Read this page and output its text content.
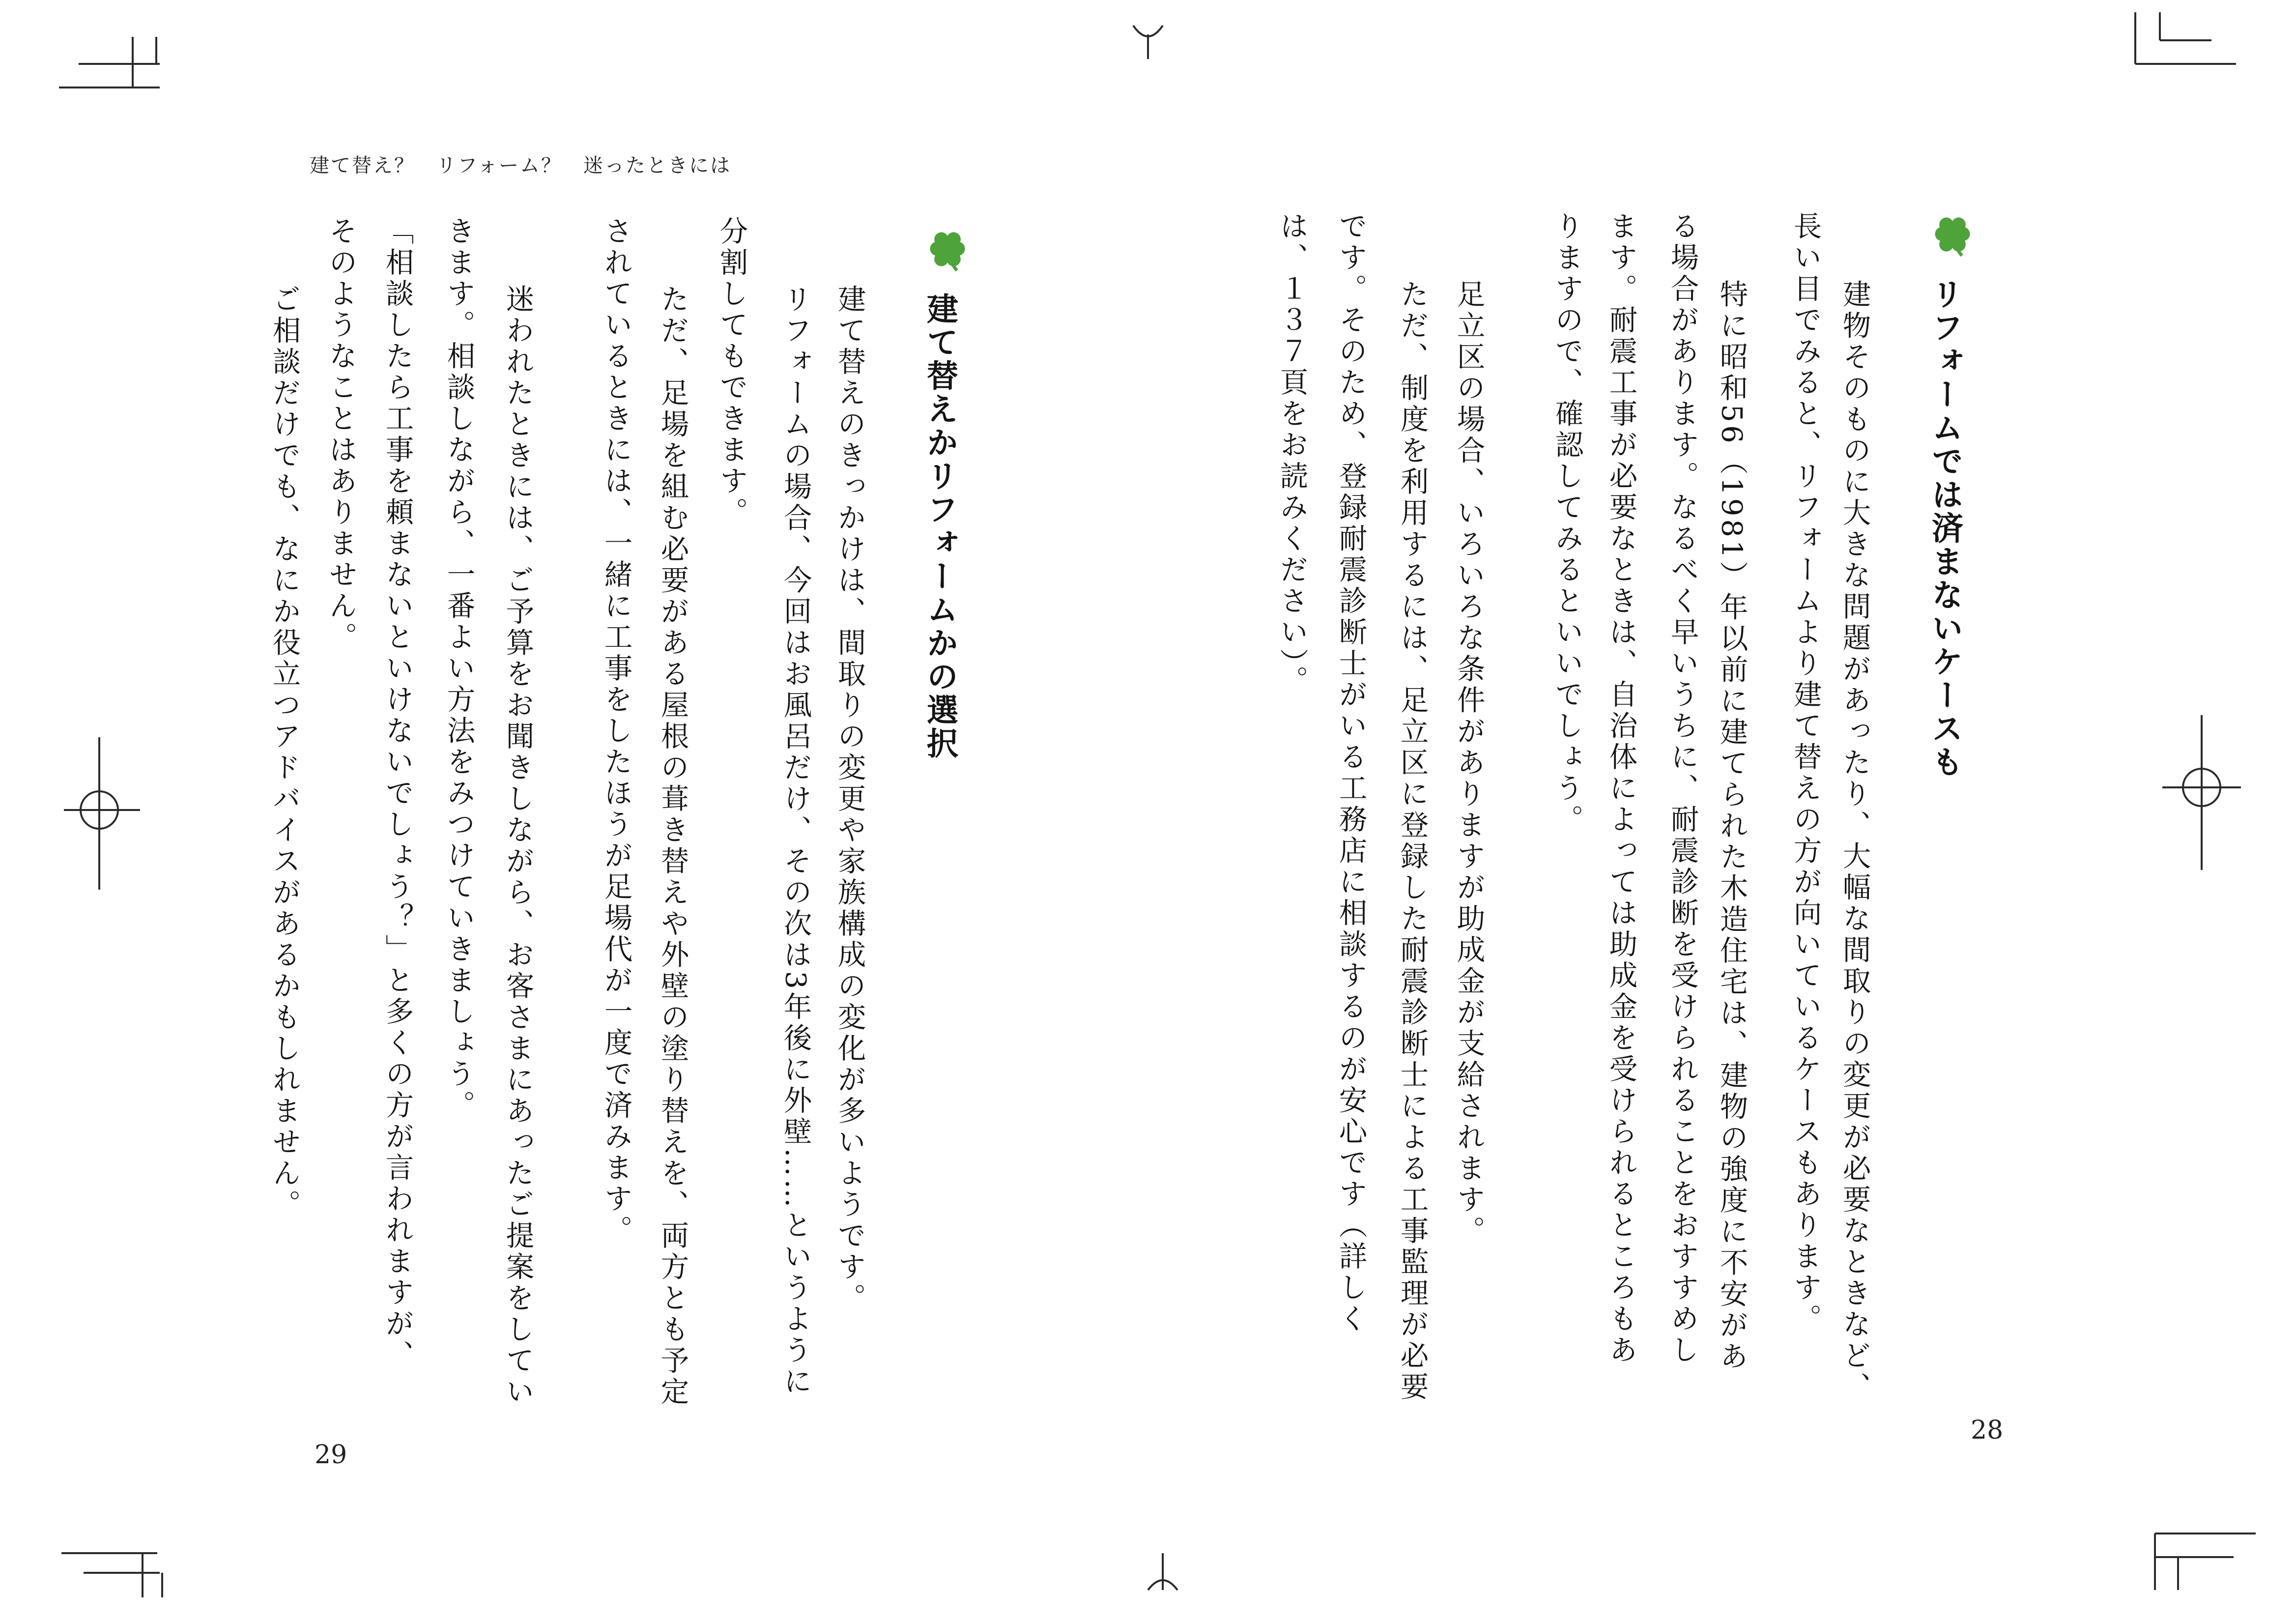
建て替え？　リフォーム？　迷ったときには
リフォームでは済まないケースも
　建物そのものに大きな問題があったり、大幅な間取りの変更が必要なときなど、
長い目でみると、リフォームより建て替えの方が向いているケースもあります。
　特に昭和56（1981）年以前に建てられた木造住宅は、建物の強度に不安があ
る場合があります。なるべく早いうちに、耐震診断を受けられることをおすすめし
ます。耐震工事が必要なときは、自治体によっては助成金を受けられるところもあ
りますので、確認してみるといいでしょう。
　足立区の場合、いろいろな条件がありますが助成金が支給されます。
　ただ、制度を利用するには、足立区に登録した耐震診断士による工事監理が必要
です。そのため、登録耐震診断士がいる工務店に相談するのが安心です（詳しく
は、１３７頁をお読みください）。
28
建て替えかリフォームかの選択
　建て替えのきっかけは、間取りの変更や家族構成の変化が多いようです。
　リフォームの場合、今回はお風呂だけ、その次は3年後に外壁……というように
分割してもできます。
　ただ、足場を組む必要がある屋根の葺き替えや外壁の塗り替えを、両方とも予定
されているときには、一緒に工事をしたほうが足場代が一度で済みます。
　迷われたときには、ご予算をお聞きしながら、お客さまにあったご提案をしてい
きます。相談しながら、一番よい方法をみつけていきましょう。
「相談したら工事を頼まないといけないでしょう？」と多くの方が言われますが、
そのようなことはありません。
　ご相談だけでも、なにか役立つアドバイスがあるかもしれません。
29
